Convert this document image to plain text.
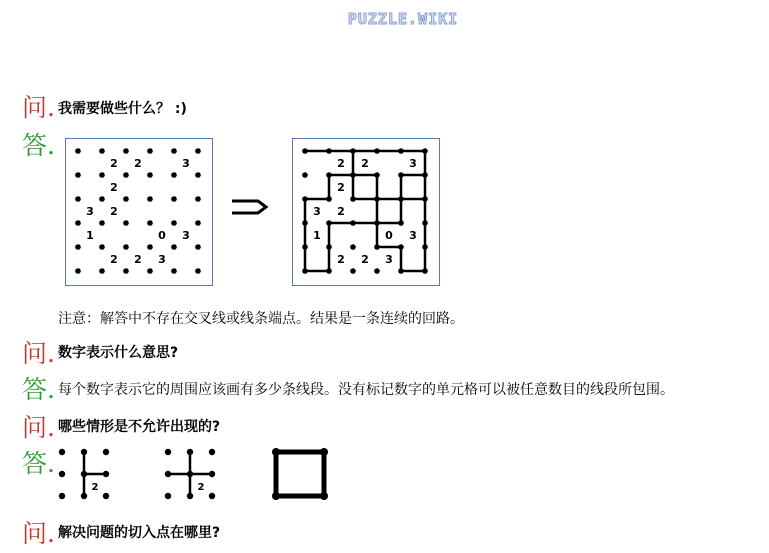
PUZZLE.WIKI
问. 我需要做些什么？ :)
答.
2 2	3
2
3 2
1	0 3
2 2 3
2 2	3
2
3 2
1	0 3
2 2 3
注意：解答中不存在交叉线或线条端点。结果是一条连续的回路。
问. 数字表示什么意思?
答. 每个数字表示它的周围应该画有多少条线段。没有标记数字的单元格可以被任意数目的线段所包围。
问. 哪些情形是不允许出现的?
答.
2	2
问. 解决问题的切入点在哪里?
